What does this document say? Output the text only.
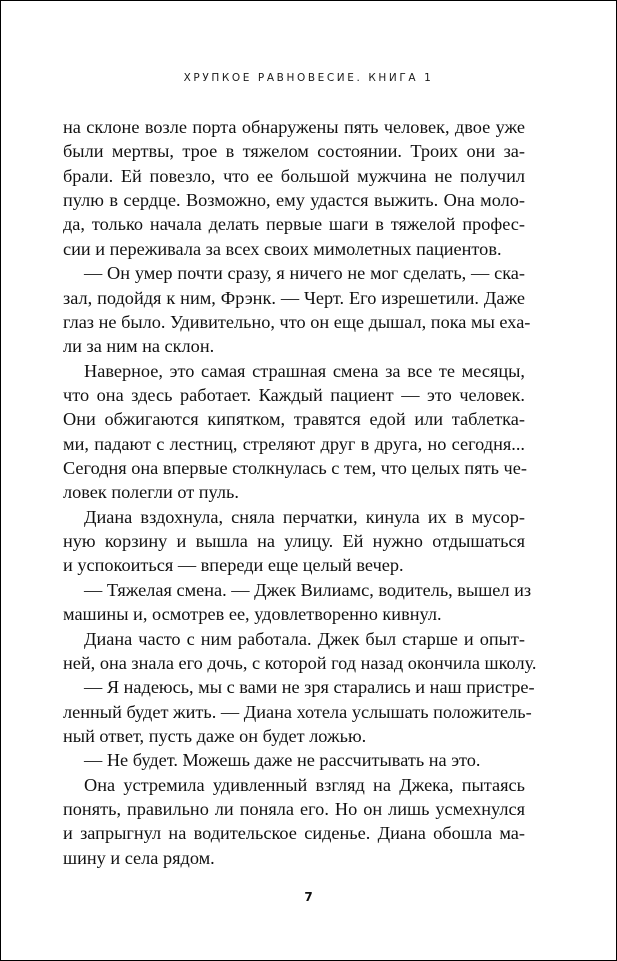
ХРУПКОЕ РАВНОВЕСИЕ. КНИГА 1
на склоне возле порта обнаружены пять человек, двое уже
были мертвы, трое в тяжелом состоянии. Троих они за-
брали. Ей повезло, что ее большой мужчина не получил
пулю в сердце. Возможно, ему удастся выжить. Она моло-
да, только начала делать первые шаги в тяжелой профес-
сии и переживала за всех своих мимолетных пациентов.
— Он умер почти сразу, я ничего не мог сделать, — ска-
зал, подойдя к ним, Фрэнк. — Черт. Его изрешетили. Даже
глаз не было. Удивительно, что он еще дышал, пока мы еха-
ли за ним на склон.
Наверное, это самая страшная смена за все те месяцы,
что она здесь работает. Каждый пациент — это человек.
Они обжигаются кипятком, травятся едой или таблетка-
ми, падают с лестниц, стреляют друг в друга, но сегодня...
Сегодня она впервые столкнулась с тем, что целых пять че-
ловек полегли от пуль.
Диана вздохнула, сняла перчатки, кинула их в мусор-
ную корзину и вышла на улицу. Ей нужно отдышаться
и успокоиться — впереди еще целый вечер.
— Тяжелая смена. — Джек Вилиамс, водитель, вышел из
машины и, осмотрев ее, удовлетворенно кивнул.
Диана часто с ним работала. Джек был старше и опыт-
ней, она знала его дочь, с которой год назад окончила школу.
— Я надеюсь, мы с вами не зря старались и наш пристре-
ленный будет жить. — Диана хотела услышать положитель-
ный ответ, пусть даже он будет ложью.
— Не будет. Можешь даже не рассчитывать на это.
Она устремила удивленный взгляд на Джека, пытаясь
понять, правильно ли поняла его. Но он лишь усмехнулся
и запрыгнул на водительское сиденье. Диана обошла ма-
шину и села рядом.
7
